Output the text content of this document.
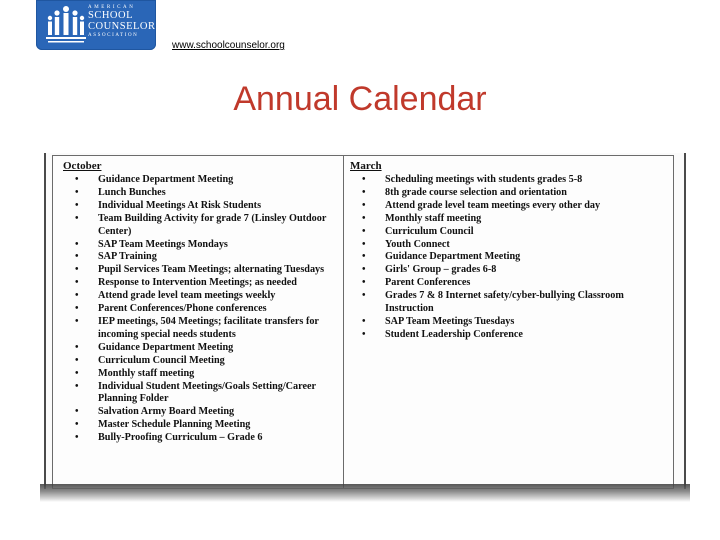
AMERICAN
SCHOOL
COUNSELOR
ASSOCIATION
www.schoolcounselor.org
Annual Calendar
October
• Guidance Department Meeting
• Lunch Bunches
• Individual Meetings At Risk Students
• Team Building Activity for grade 7 (Linsley Outdoor Center)
• SAP Team Meetings Mondays
• SAP Training
• Pupil Services Team Meetings; alternating Tuesdays
• Response to Intervention Meetings; as needed
• Attend grade level team meetings weekly
• Parent Conferences/Phone conferences
• IEP meetings, 504 Meetings; facilitate transfers for incoming special needs students
• Guidance Department Meeting
• Curriculum Council Meeting
• Monthly staff meeting
• Individual Student Meetings/Goals Setting/Career Planning Folder
• Salvation Army Board Meeting
• Master Schedule Planning Meeting
• Bully-Proofing Curriculum – Grade 6
March
• Scheduling meetings with students grades 5-8
• 8th grade course selection and orientation
• Attend grade level team meetings every other day
• Monthly staff meeting
• Curriculum Council
• Youth Connect
• Guidance Department Meeting
• Girls' Group – grades 6-8
• Parent Conferences
• Grades 7 & 8 Internet safety/cyber-bullying Classroom Instruction
• SAP Team Meetings Tuesdays
• Student Leadership Conference
